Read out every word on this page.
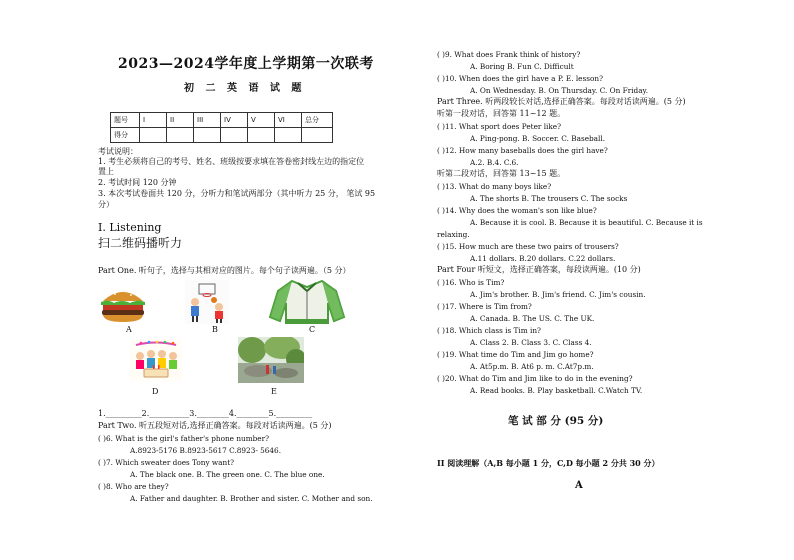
2023—2024学年度上学期第一次联考
初 二 英 语 试 题
题号	I	II	III	IV	V	VI	总分
得分							
考试说明：
1. 考生必须将自己的考号、姓名、班级按要求填在答卷密封线左边的指定位
置上
2. 考试时间 120 分钟
3. 本次考试卷面共 120 分，分听力和笔试两部分（其中听力 25 分， 笔试 95
分）
I. Listening
扫二维码播听力
Part One. 听句子，选择与其相对应的图片。每个句子读两遍。（5 分）
A	B	C
D	E
1._________2.__________3.________4.________5._________
Part Two. 听五段短对话,选择正确答案。每段对话读两遍。(5 分)
( )6. What is the girl's father's phone number?
A.8923-5176 B.8923-5617 C.8923- 5646.
( )7. Which sweater does Tony want?
A. The black one. B. The green one. C. The blue one.
( )8. Who are they?
A. Father and daughter. B. Brother and sister. C. Mother and son.
( )9. What does Frank think of history?
A. Boring B. Fun C. Difficult
( )10. When does the girl have a P. E. lesson?
A. On Wednesday. B. On Thursday. C. On Friday.
Part Three. 听两段较长对话,选择正确答案。每段对话读两遍。(5 分)
听第一段对话，回答第 11~12 题。
( )11. What sport does Peter like?
A. Ping-pong. B. Soccer. C. Baseball.
( )12. How many baseballs does the girl have?
A.2. B.4. C.6.
听第二段对话，回答第 13~15 题。
( )13. What do many boys like?
A. The shorts B. The trousers C. The socks
( )14. Why does the woman's son like blue?
A. Because it is cool. B. Because it is beautiful. C. Because it is
relaxing.
( )15. How much are these two pairs of trousers?
A.11 dollars. B.20 dollars. C.22 dollars.
Part Four 听短文，选择正确答案，每段读两遍。(10 分)
( )16. Who is Tim?
A. Jim's brother. B. Jim's friend. C. Jim's cousin.
( )17. Where is Tim from?
A. Canada. B. The US. C. The UK.
( )18. Which class is Tim in?
A. Class 2. B. Class 3. C. Class 4.
( )19. What time do Tim and Jim go home?
A. At5p.m. B. At6 p. m. C.At7p.m.
( )20. What do Tim and Jim like to do in the evening?
A. Read books. B. Play basketball. C.Watch TV.
笔 试 部 分 (95 分)
II 阅读理解（A,B 每小题 1 分，C,D 每小题 2 分共 30 分）
A
